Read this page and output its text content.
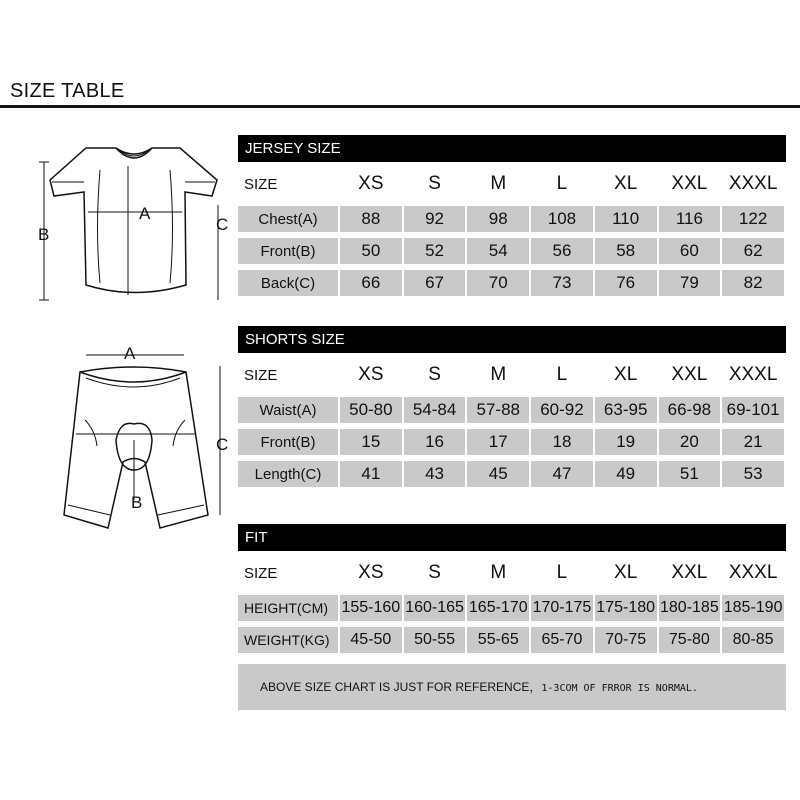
SIZE TABLE
A
B
C
A
B
C
JERSEY SIZE
SIZE	XS	S	M	L	XL	XXL	XXXL
Chest(A)	88	92	98	108	110	116	122
Front(B)	50	52	54	56	58	60	62
Back(C)	66	67	70	73	76	79	82
SHORTS SIZE
SIZE	XS	S	M	L	XL	XXL	XXXL
Waist(A)	50-80	54-84	57-88	60-92	63-95	66-98	69-101
Front(B)	15	16	17	18	19	20	21
Length(C)	41	43	45	47	49	51	53
FIT
SIZE	XS	S	M	L	XL	XXL	XXXL
HEIGHT(CM)	155-160	160-165	165-170	170-175	175-180	180-185	185-190
WEIGHT(KG)	45-50	50-55	55-65	65-70	70-75	75-80	80-85
ABOVE SIZE CHART IS JUST FOR REFERENCE，1-3COM OF FRROR IS NORMAL.
